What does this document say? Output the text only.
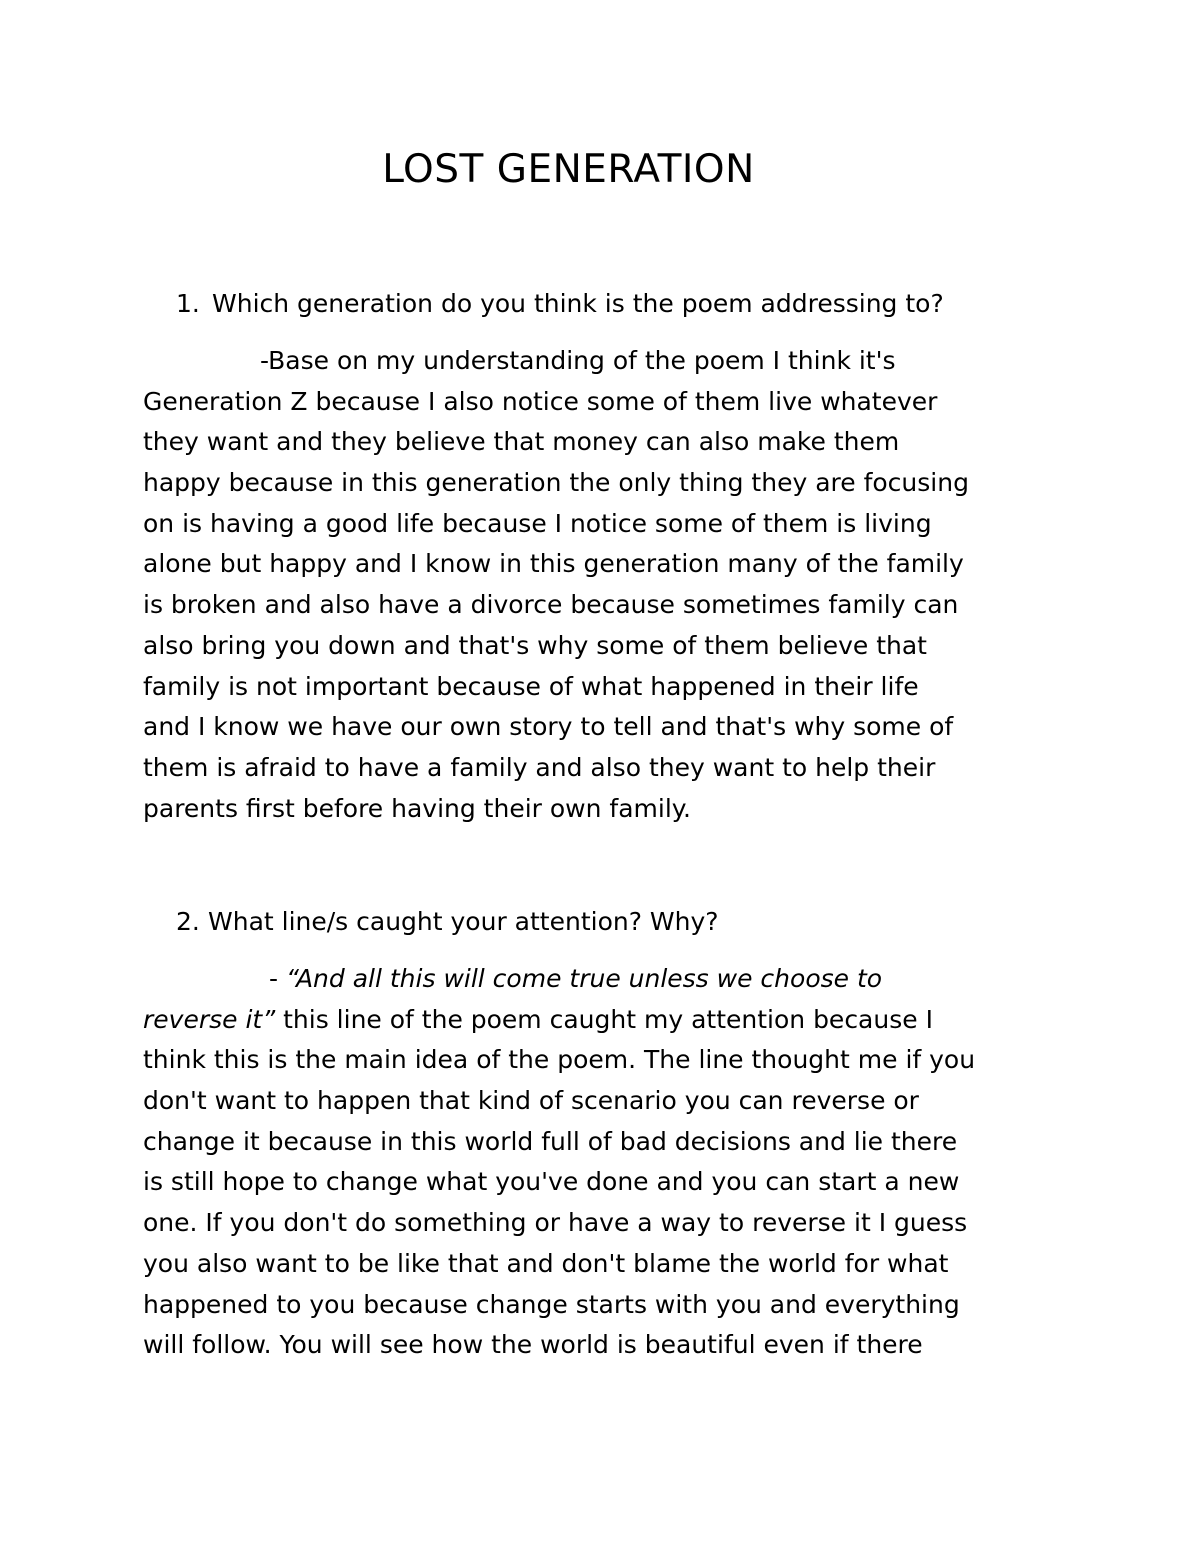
LOST GENERATION
1. Which generation do you think is the poem addressing to?
-Base on my understanding of the poem I think it's
Generation Z because I also notice some of them live whatever
they want and they believe that money can also make them
happy because in this generation the only thing they are focusing
on is having a good life because I notice some of them is living
alone but happy and I know in this generation many of the family
is broken and also have a divorce because sometimes family can
also bring you down and that's why some of them believe that
family is not important because of what happened in their life
and I know we have our own story to tell and that's why some of
them is afraid to have a family and also they want to help their
parents first before having their own family.
2. What line/s caught your attention? Why?
- “And all this will come true unless we choose to
reverse it” this line of the poem caught my attention because I
think this is the main idea of the poem. The line thought me if you
don't want to happen that kind of scenario you can reverse or
change it because in this world full of bad decisions and lie there
is still hope to change what you've done and you can start a new
one. If you don't do something or have a way to reverse it I guess
you also want to be like that and don't blame the world for what
happened to you because change starts with you and everything
will follow. You will see how the world is beautiful even if there
